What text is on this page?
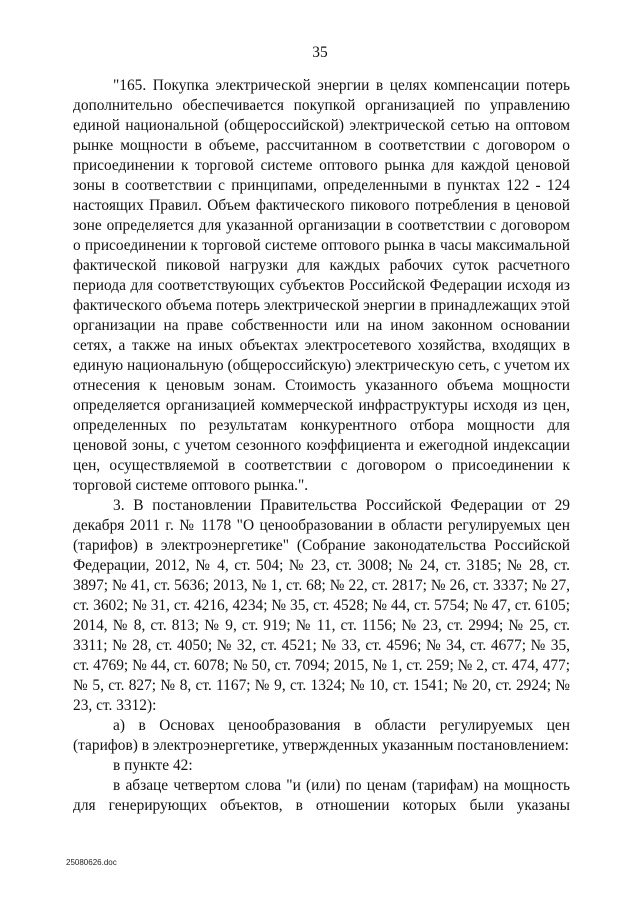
35

"165. Покупка электрической энергии в целях компенсации потерь дополнительно обеспечивается покупкой организацией по управлению единой национальной (общероссийской) электрической сетью на оптовом рынке мощности в объеме, рассчитанном в соответствии с договором о присоединении к торговой системе оптового рынка для каждой ценовой зоны в соответствии с принципами, определенными в пунктах 122 - 124 настоящих Правил. Объем фактического пикового потребления в ценовой зоне определяется для указанной организации в соответствии с договором о присоединении к торговой системе оптового рынка в часы максимальной фактической пиковой нагрузки для каждых рабочих суток расчетного периода для соответствующих субъектов Российской Федерации исходя из фактического объема потерь электрической энергии в принадлежащих этой организации на праве собственности или на ином законном основании сетях, а также на иных объектах электросетевого хозяйства, входящих в единую национальную (общероссийскую) электрическую сеть, с учетом их отнесения к ценовым зонам. Стоимость указанного объема мощности определяется организацией коммерческой инфраструктуры исходя из цен, определенных по результатам конкурентного отбора мощности для ценовой зоны, с учетом сезонного коэффициента и ежегодной индексации цен, осуществляемой в соответствии с договором о присоединении к торговой системе оптового рынка.".

3. В постановлении Правительства Российской Федерации от 29 декабря 2011 г. № 1178 "О ценообразовании в области регулируемых цен (тарифов) в электроэнергетике" (Собрание законодательства Российской Федерации, 2012, № 4, ст. 504; № 23, ст. 3008; № 24, ст. 3185; № 28, ст. 3897; № 41, ст. 5636; 2013, № 1, ст. 68; № 22, ст. 2817; № 26, ст. 3337; № 27, ст. 3602; № 31, ст. 4216, 4234; № 35, ст. 4528; № 44, ст. 5754; № 47, ст. 6105; 2014, № 8, ст. 813; № 9, ст. 919; № 11, ст. 1156; № 23, ст. 2994; № 25, ст. 3311; № 28, ст. 4050; № 32, ст. 4521; № 33, ст. 4596; № 34, ст. 4677; № 35, ст. 4769; № 44, ст. 6078; № 50, ст. 7094; 2015, № 1, ст. 259; № 2, ст. 474, 477; № 5, ст. 827; № 8, ст. 1167; № 9, ст. 1324; № 10, ст. 1541; № 20, ст. 2924; № 23, ст. 3312):

а) в Основах ценообразования в области регулируемых цен (тарифов) в электроэнергетике, утвержденных указанным постановлением:

в пункте 42:

в абзаце четвертом слова "и (или) по ценам (тарифам) на мощность для генерирующих объектов, в отношении которых были указаны

25080626.doc
